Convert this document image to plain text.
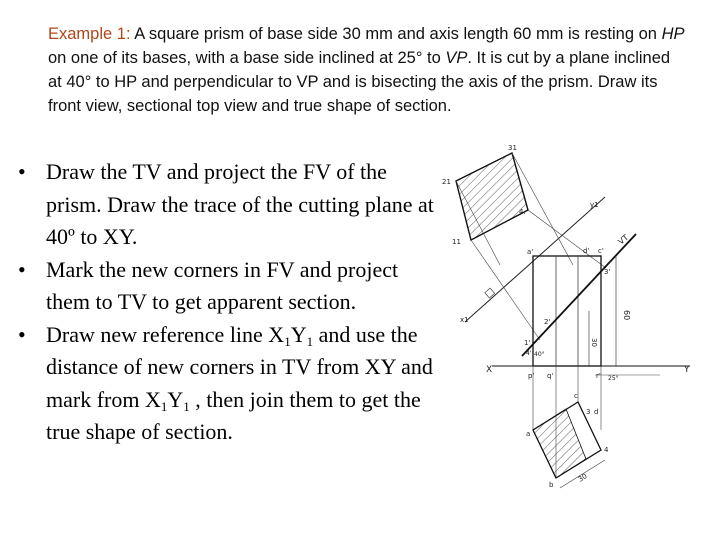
Example 1: A square prism of base side 30 mm and axis length 60 mm is resting on HP on one of its bases, with a base side inclined at 25° to VP. It is cut by a plane inclined at 40° to HP and perpendicular to VP and is bisecting the axis of the prism. Draw its front view, sectional top view and true shape of section.
• Draw the TV and project the FV of the prism. Draw the trace of the cutting plane at 40º to XY.
• Mark the new corners in FV and project them to TV to get apparent section.
• Draw new reference line $X_1Y_1$ and use the distance of new corners in TV from XY and mark from $X_1Y_1$ , then join them to get the true shape of section.
X	Y
x1
y1
31
21
4.
11	VT
a'	d' c'
3'
2'
1'
4' 40°
p' q'	r' 25°
60
30
c
3 d
a
4
b
30
